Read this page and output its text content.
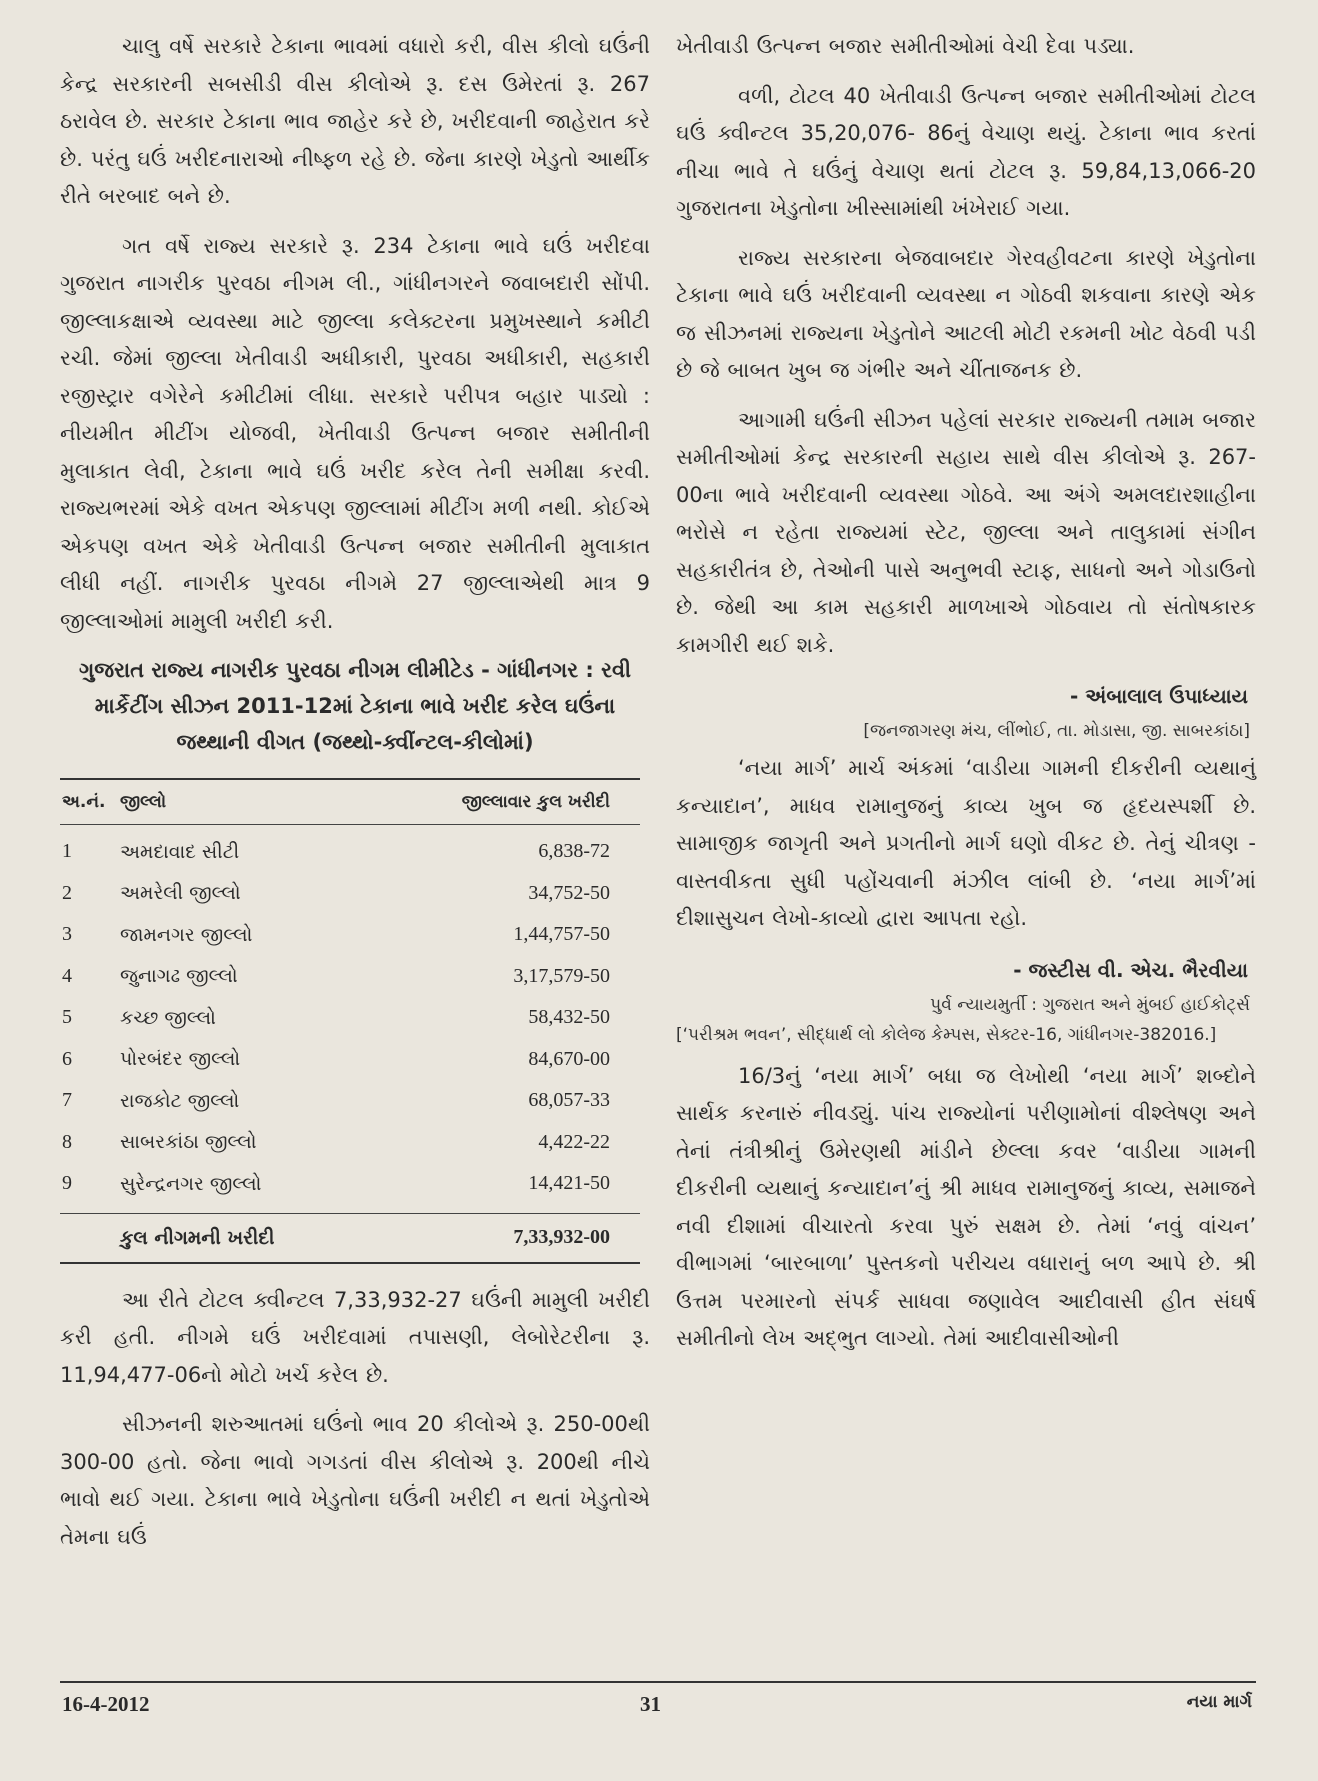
ચાલુ વર્ષે સરકારે ટેકાના ભાવમાં વધારો કરી, વીસ કીલો ઘઉંની કેન્દ્ર સરકારની સબસીડી વીસ કીલોએ રૂ. દસ ઉમેરતાં રૂ. 267 ઠરાવેલ છે. સરકાર ટેકાના ભાવ જાહેર કરે છે, ખરીદવાની જાહેરાત કરે છે. પરંતુ ઘઉં ખરીદનારાઓ નીષ્ફળ રહે છે. જેના કારણે ખેડુતો આર્થીક રીતે બરબાદ બને છે.

ગત વર્ષે રાજ્ય સરકારે રૂ. 234 ટેકાના ભાવે ઘઉં ખરીદવા ગુજરાત નાગરીક પુરવઠા નીગમ લી., ગાંધીનગરને જવાબદારી સોંપી. જીલ્લાકક્ષાએ વ્યવસ્થા માટે જીલ્લા કલેક્ટરના પ્રમુખસ્થાને કમીટી રચી. જેમાં જીલ્લા ખેતીવાડી અધીકારી, પુરવઠા અધીકારી, સહકારી રજીસ્ટ્રાર વગેરેને કમીટીમાં લીધા. સરકારે પરીપત્ર બહાર પાડ્યો : નીયમીત મીટીંગ યોજવી, ખેતીવાડી ઉત્પન્ન બજાર સમીતીની મુલાકાત લેવી, ટેકાના ભાવે ઘઉં ખરીદ કરેલ તેની સમીક્ષા કરવી. રાજ્યભરમાં એકે વખત એકપણ જીલ્લામાં મીટીંગ મળી નથી. કોઈએ એકપણ વખત એકે ખેતીવાડી ઉત્પન્ન બજાર સમીતીની મુલાકાત લીધી નહીં. નાગરીક પુરવઠા નીગમે 27 જીલ્લાએથી માત્ર 9 જીલ્લાઓમાં મામુલી ખરીદી કરી.

ગુજરાત રાજ્ય નાગરીક પુરવઠા નીગમ લીમીટેડ - ગાંધીનગર : રવી માર્કેટીંગ સીઝન 2011-12માં ટેકાના ભાવે ખરીદ કરેલ ઘઉંના જથ્થાની વીગત (જથ્થો-ક્વીંન્ટલ-કીલોમાં)

અ.નં. જીલ્લો	જીલ્લાવાર કુલ ખરીદી
1	અમદાવાદ સીટી	6,838-72
2	અમરેલી જીલ્લો	34,752-50
3	જામનગર જીલ્લો	1,44,757-50
4	જુનાગઢ જીલ્લો	3,17,579-50
5	કચ્છ જીલ્લો	58,432-50
6	પોરબંદર જીલ્લો	84,670-00
7	રાજકોટ જીલ્લો	68,057-33
8	સાબરકાંઠા જીલ્લો	4,422-22
9	સુરેન્દ્રનગર જીલ્લો	14,421-50
કુલ નીગમની ખરીદી	7,33,932-00

આ રીતે ટોટલ ક્વીન્ટલ 7,33,932-27 ઘઉંની મામુલી ખરીદી કરી હતી. નીગમે ઘઉં ખરીદવામાં તપાસણી, લેબોરેટરીના રૂ. 11,94,477-06નો મોટો ખર્ચ કરેલ છે.

સીઝનની શરુઆતમાં ઘઉંનો ભાવ 20 કીલોએ રૂ. 250-00થી 300-00 હતો. જેના ભાવો ગગડતાં વીસ કીલોએ રૂ. 200થી નીચે ભાવો થઈ ગયા. ટેકાના ભાવે ખેડુતોના ઘઉંની ખરીદી ન થતાં ખેડુતોએ તેમના ઘઉં

ખેતીવાડી ઉત્પન્ન બજાર સમીતીઓમાં વેચી દેવા પડ્યા.

વળી, ટોટલ 40 ખેતીવાડી ઉત્પન્ન બજાર સમીતીઓમાં ટોટલ ઘઉં ક્વીન્ટલ 35,20,076- 86નું વેચાણ થયું. ટેકાના ભાવ કરતાં નીચા ભાવે તે ઘઉંનું વેચાણ થતાં ટોટલ રૂ. 59,84,13,066-20 ગુજરાતના ખેડુતોના ખીસ્સામાંથી ખંખેરાઈ ગયા.

રાજ્ય સરકારના બેજવાબદાર ગેરવહીવટના કારણે ખેડુતોના ટેકાના ભાવે ઘઉં ખરીદવાની વ્યવસ્થા ન ગોઠવી શકવાના કારણે એક જ સીઝનમાં રાજ્યના ખેડુતોને આટલી મોટી રકમની ખોટ વેઠવી પડી છે જે બાબત ખુબ જ ગંભીર અને ચીંતાજનક છે.

આગામી ઘઉંની સીઝન પહેલાં સરકાર રાજ્યની તમામ બજાર સમીતીઓમાં કેન્દ્ર સરકારની સહાય સાથે વીસ કીલોએ રૂ. 267-00ના ભાવે ખરીદવાની વ્યવસ્થા ગોઠવે. આ અંગે અમલદારશાહીના ભરોસે ન રહેતા રાજ્યમાં સ્ટેટ, જીલ્લા અને તાલુકામાં સંગીન સહકારીતંત્ર છે, તેઓની પાસે અનુભવી સ્ટાફ, સાધનો અને ગોડાઉનો છે. જેથી આ કામ સહકારી માળખાએ ગોઠવાય તો સંતોષકારક કામગીરી થઈ શકે.

- અંબાલાલ ઉપાધ્યાય
[જનજાગરણ મંચ, લીંભોઈ, તા. મોડાસા, જી. સાબરકાંઠા]

‘નયા માર્ગ’ માર્ચ અંકમાં ‘વાડીયા ગામની દીકરીની વ્યથાનું કન્યાદાન’, માધવ રામાનુજનું કાવ્ય ખુબ જ હૃદયસ્પર્શી છે. સામાજીક જાગૃતી અને પ્રગતીનો માર્ગ ઘણો વીકટ છે. તેનું ચીત્રણ - વાસ્તવીકતા સુધી પહોંચવાની મંઝીલ લાંબી છે. ‘નયા માર્ગ’માં દીશાસુચન લેખો-કાવ્યો દ્વારા આપતા રહો.

- જસ્ટીસ વી. એચ. ભૈરવીયા
પુર્વ ન્યાયમુર્તી : ગુજરાત અને મુંબઈ હાઈકોર્ટ્સ

[‘પરીશ્રમ ભવન’, સીદ્ધાર્થ લો કોલેજ કેમ્પસ, સેક્ટર-16, ગાંધીનગર-382016.]

16/3નું ‘નયા માર્ગ’ બધા જ લેખોથી ‘નયા માર્ગ’ શબ્દોને સાર્થક કરનારું નીવડ્યું. પાંચ રાજ્યોનાં પરીણામોનાં વીશ્લેષણ અને તેનાં તંત્રીશ્રીનું ઉમેરણથી માંડીને છેલ્લા કવર ‘વાડીયા ગામની દીકરીની વ્યથાનું કન્યાદાન’નું શ્રી માધવ રામાનુજનું કાવ્ય, સમાજને નવી દીશામાં વીચારતો કરવા પુરું સક્ષમ છે. તેમાં ‘નવું વાંચન’ વીભાગમાં ‘બારબાળા’ પુસ્તકનો પરીચય વધારાનું બળ આપે છે. શ્રી ઉત્તમ પરમારનો સંપર્ક સાધવા જણાવેલ આદીવાસી હીત સંઘર્ષ સમીતીનો લેખ અદ્ભુત લાગ્યો. તેમાં આદીવાસીઓની

16-4-2012	31	નયા માર્ગ
